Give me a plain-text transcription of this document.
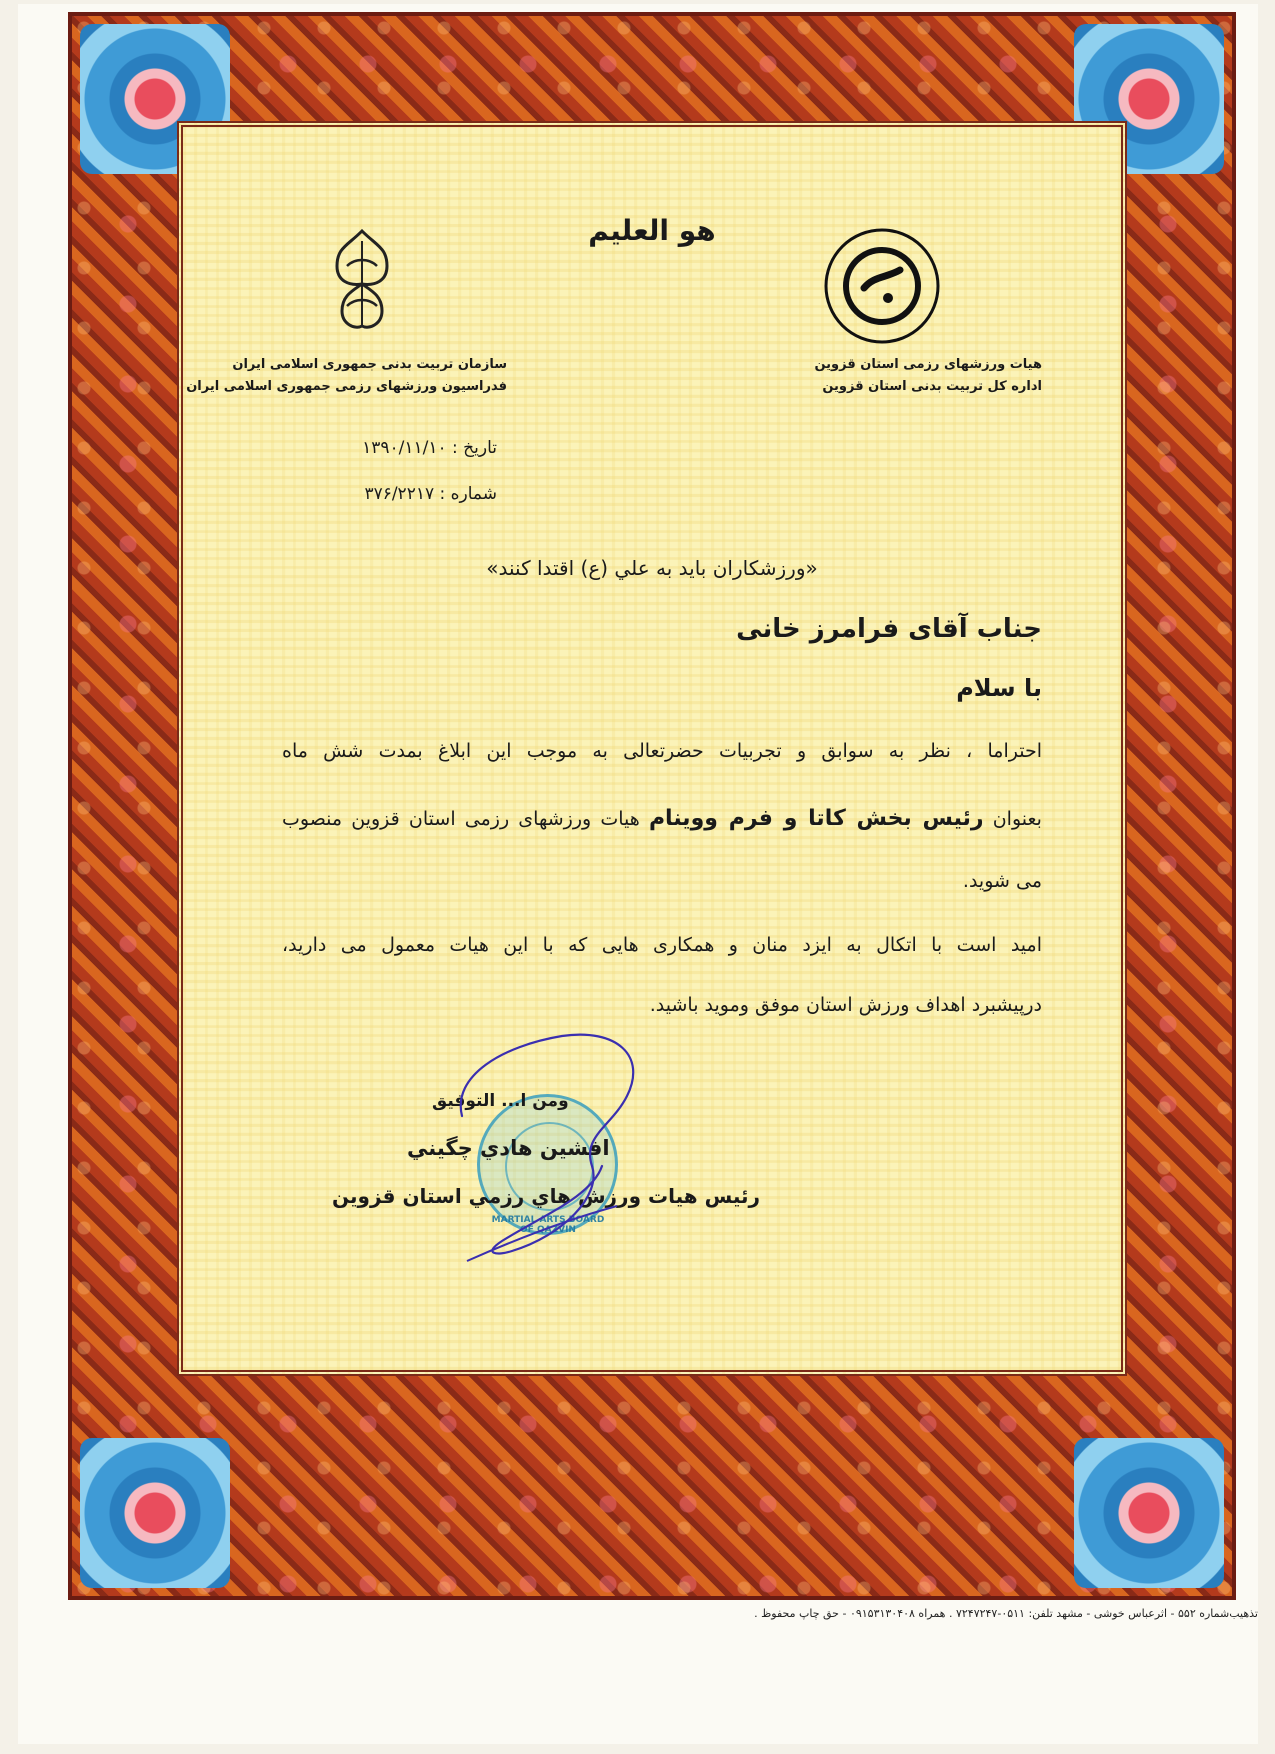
هو العليم
سازمان تربیت بدنی جمهوری اسلامی ایران
فدراسیون ورزشهای رزمی جمهوری اسلامی ایران
هیات ورزشهای رزمی استان قزوین
اداره کل تربیت بدنی استان قزوین
تاریخ : ۱۳۹۰/۱۱/۱۰
شماره : ۳۷۶/۲۲۱۷
«ورزشکاران باید به علي (ع) اقتدا کنند»
جناب آقای فرامرز خانی
با سلام
احتراما ، نظر به سوابق و تجربیات حضرتعالی به موجب این ابلاغ بمدت شش ماه
بعنوان رئیس بخش کاتا و فرم ووینام هیات ورزشهای رزمی استان قزوین منصوب
می شوید.
امید است با اتکال به ایزد منان و همکاری هایی که با این هیات معمول می دارید،
درپیشبرد اهداف ورزش استان موفق وموید باشید.
MARTIAL ARTS BOARD OF QAZVIN
ومن ا... التوفیق
افشین هادي چگیني
رئیس هیات ورزش هاي رزمي استان قزوین
تذهیب‌شماره ۵۵۲ - اثرعباس خوشی - مشهد تلفن: ۰۵۱۱-۷۲۴۷۲۴۷ . همراه ۰۹۱۵۳۱۳۰۴۰۸ - حق چاپ محفوظ .
